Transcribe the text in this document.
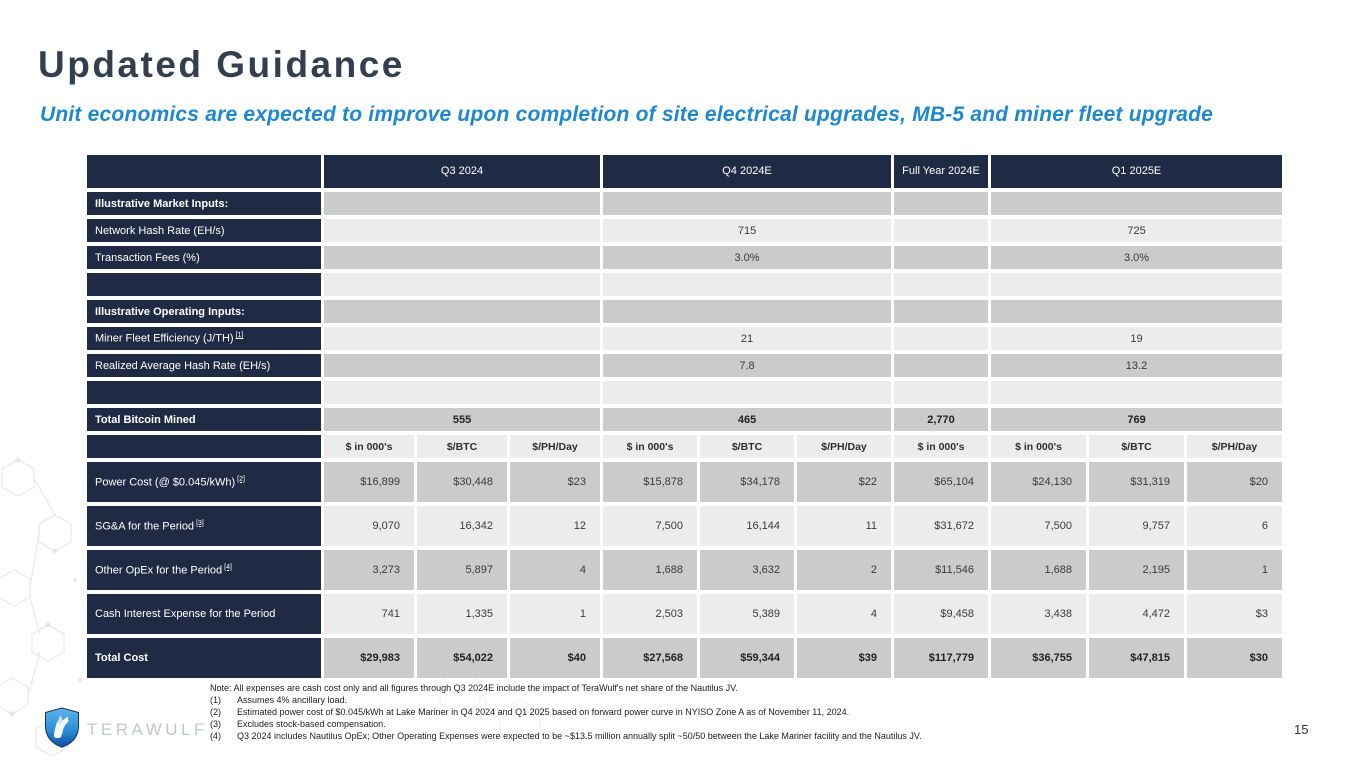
Updated Guidance
Unit economics are expected to improve upon completion of site electrical upgrades, MB-5 and miner fleet upgrade
	Q3 2024			Q4 2024E			Full Year 2024E	Q1 2025E		
Illustrative Market Inputs:										
Network Hash Rate (EH/s)				715				725		
Transaction Fees (%)				3.0%				3.0%		

Illustrative Operating Inputs:										
Miner Fleet Efficiency (J/TH) [1]				21				19		
Realized Average Hash Rate (EH/s)				7.8				13.2		

Total Bitcoin Mined	555			465			2,770	769		
	$ in 000's	$/BTC	$/PH/Day	$ in 000's	$/BTC	$/PH/Day	$ in 000's	$ in 000's	$/BTC	$/PH/Day
Power Cost (@ $0.045/kWh) [2]	$16,899	$30,448	$23	$15,878	$34,178	$22	$65,104	$24,130	$31,319	$20
SG&A for the Period [3]	9,070	16,342	12	7,500	16,144	11	$31,672	7,500	9,757	6
Other OpEx for the Period [4]	3,273	5,897	4	1,688	3,632	2	$11,546	1,688	2,195	1
Cash Interest Expense for the Period	741	1,335	1	2,503	5,389	4	$9,458	3,438	4,472	$3
Total Cost	$29,983	$54,022	$40	$27,568	$59,344	$39	$117,779	$36,755	$47,815	$30
Note: All expenses are cash cost only and all figures through Q3 2024E include the impact of TeraWulf's net share of the Nautilus JV.
(1)	Assumes 4% ancillary load.
(2)	Estimated power cost of $0.045/kWh at Lake Mariner in Q4 2024 and Q1 2025 based on forward power curve in NYISO Zone A as of November 11, 2024.
(3)	Excludes stock-based compensation.
(4)	Q3 2024 includes Nautilus OpEx; Other Operating Expenses were expected to be ~$13.5 million annually split ~50/50 between the Lake Mariner facility and the Nautilus JV.
TERAWULF	15
